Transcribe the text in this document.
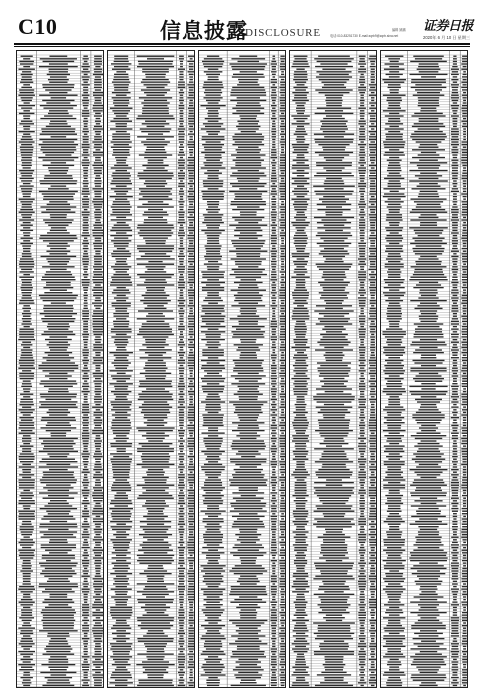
C10	信息披露
DISCLOSURE	编辑 姚鹏
电话:010-83251730 E-mail:zqrb9@zqrb.sina.net
证券日报
2020年 6 月 10 日 星期三
